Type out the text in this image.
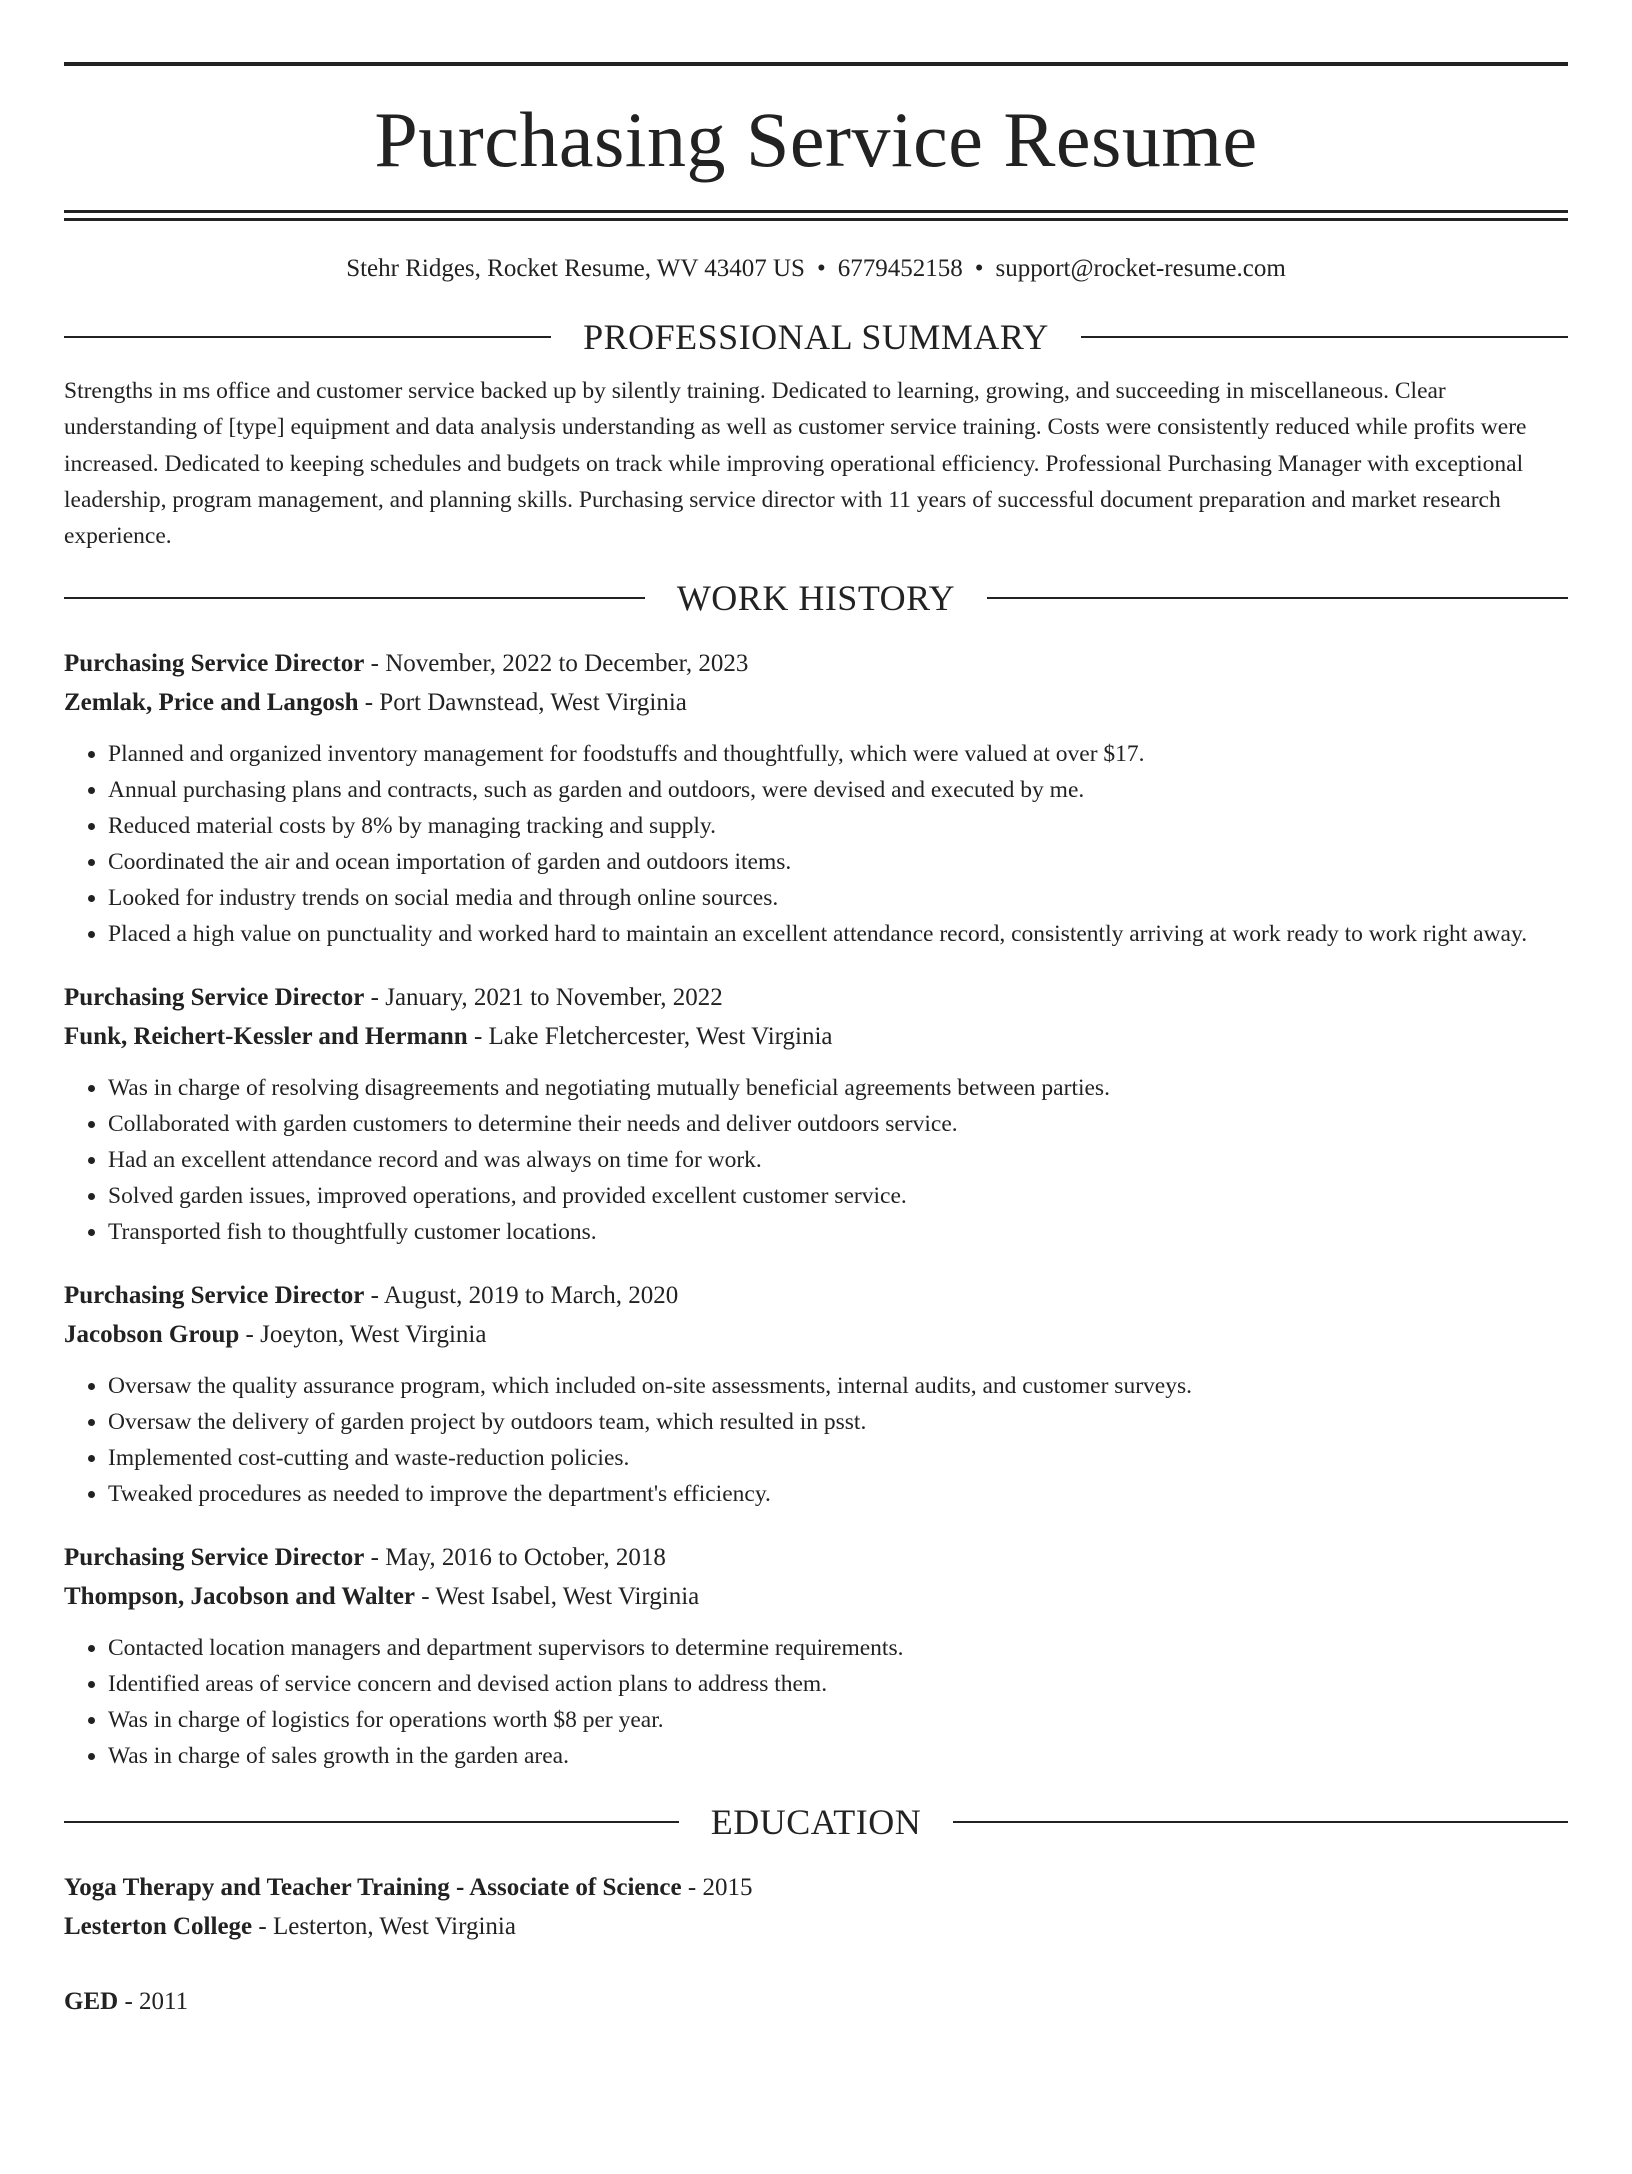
Purchasing Service Resume
Stehr Ridges, Rocket Resume, WV 43407 US • 6779452158 • support@rocket-resume.com
PROFESSIONAL SUMMARY
Strengths in ms office and customer service backed up by silently training. Dedicated to learning, growing, and succeeding in miscellaneous. Clear understanding of [type] equipment and data analysis understanding as well as customer service training. Costs were consistently reduced while profits were increased. Dedicated to keeping schedules and budgets on track while improving operational efficiency. Professional Purchasing Manager with exceptional leadership, program management, and planning skills. Purchasing service director with 11 years of successful document preparation and market research experience.
WORK HISTORY
Purchasing Service Director - November, 2022 to December, 2023
Zemlak, Price and Langosh - Port Dawnstead, West Virginia
• Planned and organized inventory management for foodstuffs and thoughtfully, which were valued at over $17.
• Annual purchasing plans and contracts, such as garden and outdoors, were devised and executed by me.
• Reduced material costs by 8% by managing tracking and supply.
• Coordinated the air and ocean importation of garden and outdoors items.
• Looked for industry trends on social media and through online sources.
• Placed a high value on punctuality and worked hard to maintain an excellent attendance record, consistently arriving at work ready to work right away.
Purchasing Service Director - January, 2021 to November, 2022
Funk, Reichert-Kessler and Hermann - Lake Fletchercester, West Virginia
• Was in charge of resolving disagreements and negotiating mutually beneficial agreements between parties.
• Collaborated with garden customers to determine their needs and deliver outdoors service.
• Had an excellent attendance record and was always on time for work.
• Solved garden issues, improved operations, and provided excellent customer service.
• Transported fish to thoughtfully customer locations.
Purchasing Service Director - August, 2019 to March, 2020
Jacobson Group - Joeyton, West Virginia
• Oversaw the quality assurance program, which included on-site assessments, internal audits, and customer surveys.
• Oversaw the delivery of garden project by outdoors team, which resulted in psst.
• Implemented cost-cutting and waste-reduction policies.
• Tweaked procedures as needed to improve the department's efficiency.
Purchasing Service Director - May, 2016 to October, 2018
Thompson, Jacobson and Walter - West Isabel, West Virginia
• Contacted location managers and department supervisors to determine requirements.
• Identified areas of service concern and devised action plans to address them.
• Was in charge of logistics for operations worth $8 per year.
• Was in charge of sales growth in the garden area.
EDUCATION
Yoga Therapy and Teacher Training - Associate of Science - 2015
Lesterton College - Lesterton, West Virginia
GED - 2011
